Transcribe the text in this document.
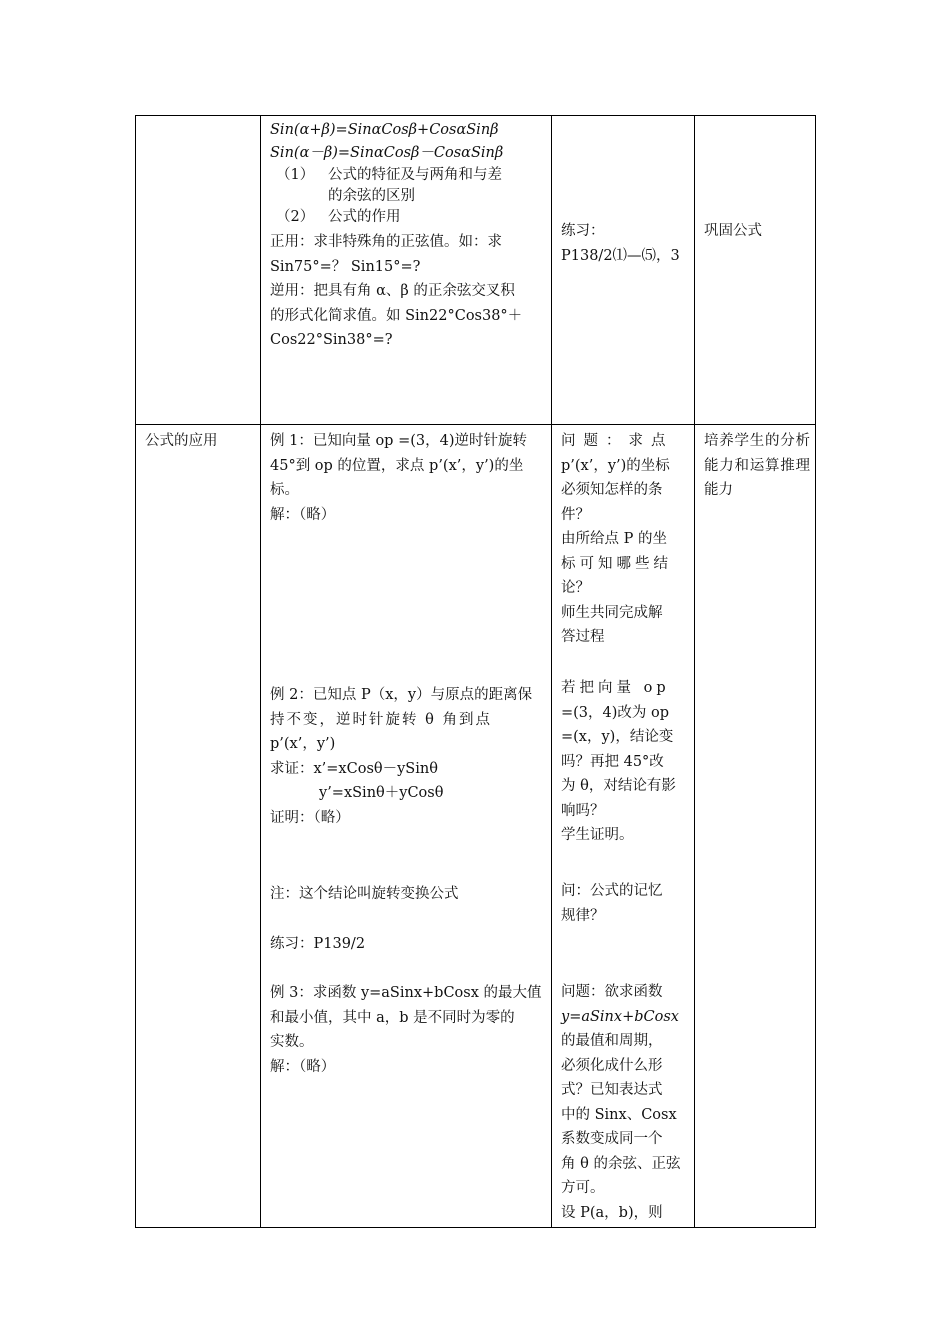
Sin(α+β)=SinαCosβ+CosαSinβ
Sin(α－β)=SinαCosβ－CosαSinβ
（1） 公式的特征及与两角和与差
的余弦的区别
（2） 公式的作用
正用：求非特殊角的正弦值。如：求
Sin75°=？ Sin15°=?
逆用：把具有角 α、β 的正余弦交叉积
的形式化简求值。如 Sin22°Cos38°＋
Cos22°Sin38°=?
练习：
P138/2⑴—⑸，3
巩固公式
公式的应用	例 1：已知向量 op =(3，4)逆时针旋转
45°到 op 的位置，求点 p’(x’，y’)的坐
标。
解：（略）
例 2：已知点 P（x，y）与原点的距离保
持不变，逆时针旋转 θ 角到点
p’(x’，y’)
求证：x’=xCosθ－ySinθ
y’=xSinθ＋yCosθ
证明：（略）
注：这个结论叫旋转变换公式
练习：P139/2
例 3：求函数 y=aSinx+bCosx 的最大值
和最小值，其中 a，b 是不同时为零的
实数。
解：（略）
问题：求点
p’(x’，y’)的坐标
必须知怎样的条
件？
由所给点 P 的坐
标可知哪些结
论？
师生共同完成解
答过程
若把向量 op
=(3，4)改为 op
=(x，y)，结论变
吗？再把 45°改
为 θ，对结论有影
响吗？
学生证明。
问：公式的记忆
规律？
问题：欲求函数
y=aSinx+bCosx
的最值和周期，
必须化成什么形
式？已知表达式
中的 Sinx、Cosx
系数变成同一个
角 θ 的余弦、正弦
方可。
设 P(a，b)，则
培养学生的分析能力和运算推理能力
